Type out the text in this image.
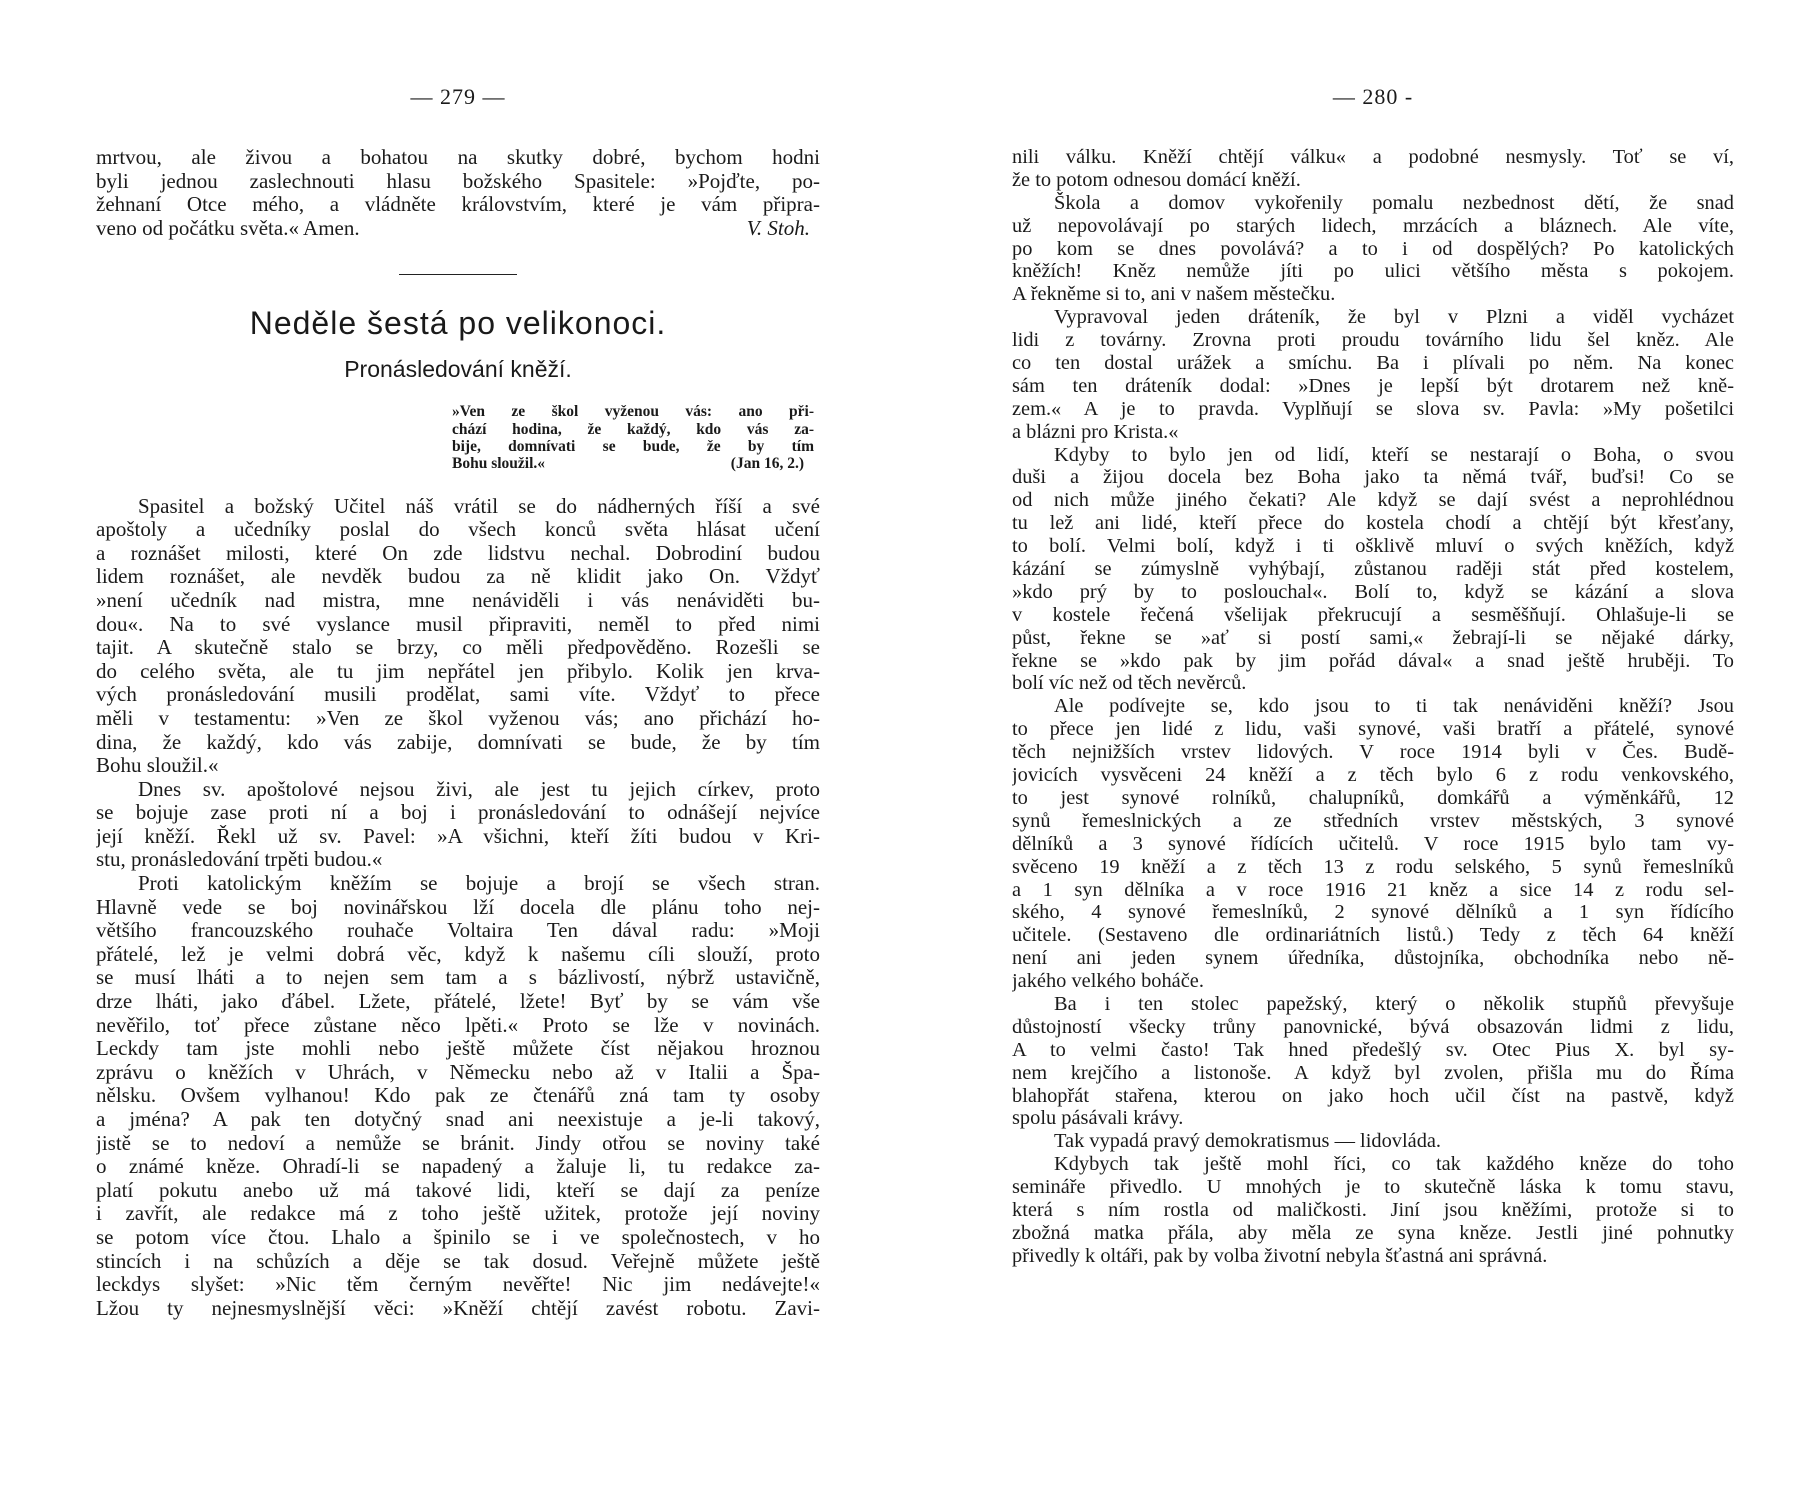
— 279 —
mrtvou, ale živou a bohatou na skutky dobré, bychom hodni
byli jednou zaslechnouti hlasu božského Spasitele: »Pojďte, po-
žehnaní Otce mého, a vládněte královstvím, které je vám připra-
veno od počátku světa.« Amen.	V. Stoh.
Neděle šestá po velikonoci.
Pronásledování kněží.
»Ven ze škol vyženou vás: ano při-
chází hodina, že každý, kdo vás za-
bije, domnívati se bude, že by tím
Bohu sloužil.«	(Jan 16, 2.)
Spasitel a božský Učitel náš vrátil se do nádherných říší a své
apoštoly a učedníky poslal do všech konců světa hlásat učení
a roznášet milosti, které On zde lidstvu nechal. Dobrodiní budou
lidem roznášet, ale nevděk budou za ně klidit jako On. Vždyť
»není učedník nad mistra, mne nenáviděli i vás nenáviděti bu-
dou«. Na to své vyslance musil připraviti, neměl to před nimi
tajit. A skutečně stalo se brzy, co měli předpověděno. Rozešli se
do celého světa, ale tu jim nepřátel jen přibylo. Kolik jen krva-
vých pronásledování musili prodělat, sami víte. Vždyť to přece
měli v testamentu: »Ven ze škol vyženou vás; ano přichází ho-
dina, že každý, kdo vás zabije, domnívati se bude, že by tím
Bohu sloužil.«
Dnes sv. apoštolové nejsou živi, ale jest tu jejich církev, proto
se bojuje zase proti ní a boj i pronásledování to odnášejí nejvíce
její kněží. Řekl už sv. Pavel: »A všichni, kteří žíti budou v Kri-
stu, pronásledování trpěti budou.«
Proti katolickým kněžím se bojuje a brojí se všech stran.
Hlavně vede se boj novinářskou lží docela dle plánu toho nej-
většího francouzského rouhače Voltaira Ten dával radu: »Moji
přátelé, lež je velmi dobrá věc, když k našemu cíli slouží, proto
se musí lháti a to nejen sem tam a s bázlivostí, nýbrž ustavičně,
drze lháti, jako ďábel. Lžete, přátelé, lžete! Byť by se vám vše
nevěřilo, toť přece zůstane něco lpěti.« Proto se lže v novinách.
Leckdy tam jste mohli nebo ještě můžete číst nějakou hroznou
zprávu o kněžích v Uhrách, v Německu nebo až v Italii a Špa-
nělsku. Ovšem vylhanou! Kdo pak ze čtenářů zná tam ty osoby
a jména? A pak ten dotyčný snad ani neexistuje a je-li takový,
jistě se to nedoví a nemůže se bránit. Jindy otřou se noviny také
o známé kněze. Ohradí-li se napadený a žaluje li, tu redakce za-
platí pokutu anebo už má takové lidi, kteří se dají za peníze
i zavřít, ale redakce má z toho ještě užitek, protože její noviny
se potom více čtou. Lhalo a špinilo se i ve společnostech, v ho
stincích i na schůzích a děje se tak dosud. Veřejně můžete ještě
leckdys slyšet: »Nic těm černým nevěřte! Nic jim nedávejte!«
Lžou ty nejnesmyslnější věci: »Kněží chtějí zavést robotu. Zavi-
— 280 -
nili válku. Kněží chtějí válku« a podobné nesmysly. Toť se ví,
že to potom odnesou domácí kněží.
Škola a domov vykořenily pomalu nezbednost dětí, že snad
už nepovolávají po starých lidech, mrzácích a bláznech. Ale víte,
po kom se dnes povolává? a to i od dospělých? Po katolických
kněžích! Kněz nemůže jíti po ulici většího města s pokojem.
A řekněme si to, ani v našem městečku.
Vypravoval jeden dráteník, že byl v Plzni a viděl vycházet
lidi z továrny. Zrovna proti proudu továrního lidu šel kněz. Ale
co ten dostal urážek a smíchu. Ba i plívali po něm. Na konec
sám ten dráteník dodal: »Dnes je lepší být drotarem než kně-
zem.« A je to pravda. Vyplňují se slova sv. Pavla: »My pošetilci
a blázni pro Krista.«
Kdyby to bylo jen od lidí, kteří se nestarají o Boha, o svou
duši a žijou docela bez Boha jako ta němá tvář, buďsi! Co se
od nich může jiného čekati? Ale když se dají svést a neprohlédnou
tu lež ani lidé, kteří přece do kostela chodí a chtějí být křesťany,
to bolí. Velmi bolí, když i ti ošklivě mluví o svých kněžích, když
kázání se zúmyslně vyhýbají, zůstanou raději stát před kostelem,
»kdo prý by to poslouchal«. Bolí to, když se kázání a slova
v kostele řečená všelijak překrucují a sesměšňují. Ohlašuje-li se
půst, řekne se »ať si postí sami,« žebrají-li se nějaké dárky,
řekne se »kdo pak by jim pořád dával« a snad ještě hruběji. To
bolí víc než od těch nevěrců.
Ale podívejte se, kdo jsou to ti tak nenáviděni kněží? Jsou
to přece jen lidé z lidu, vaši synové, vaši bratří a přátelé, synové
těch nejnižších vrstev lidových. V roce 1914 byli v Čes. Budě-
jovicích vysvěceni 24 kněží a z těch bylo 6 z rodu venkovského,
to jest synové rolníků, chalupníků, domkářů a výměnkářů, 12
synů řemeslnických a ze středních vrstev městských, 3 synové
dělníků a 3 synové řídících učitelů. V roce 1915 bylo tam vy-
svěceno 19 kněží a z těch 13 z rodu selského, 5 synů řemeslníků
a 1 syn dělníka a v roce 1916 21 kněz a sice 14 z rodu sel-
ského, 4 synové řemeslníků, 2 synové dělníků a 1 syn řídícího
učitele. (Sestaveno dle ordinariátních listů.) Tedy z těch 64 kněží
není ani jeden synem úředníka, důstojníka, obchodníka nebo ně-
jakého velkého boháče.
Ba i ten stolec papežský, který o několik stupňů převyšuje
důstojností všecky trůny panovnické, bývá obsazován lidmi z lidu,
A to velmi často! Tak hned předešlý sv. Otec Pius X. byl sy-
nem krejčího a listonoše. A když byl zvolen, přišla mu do Říma
blahopřát stařena, kterou on jako hoch učil číst na pastvě, když
spolu pásávali krávy.
Tak vypadá pravý demokratismus — lidovláda.
Kdybych tak ještě mohl říci, co tak každého kněze do toho
semináře přivedlo. U mnohých je to skutečně láska k tomu stavu,
která s ním rostla od maličkosti. Jiní jsou kněžími, protože si to
zbožná matka přála, aby měla ze syna kněze. Jestli jiné pohnutky
přivedly k oltáři, pak by volba životní nebyla šťastná ani správná.
